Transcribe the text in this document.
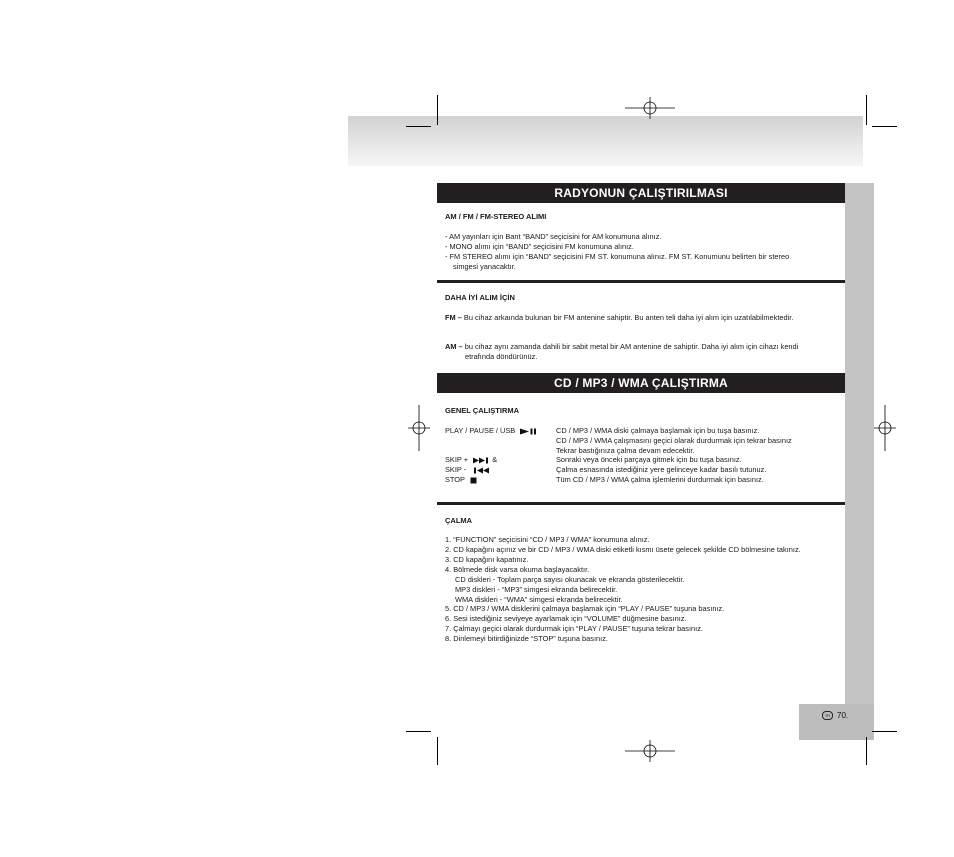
TR 70.
RADYONUN ÇALIŞTIRILMASI
AM / FM / FM-STEREO ALIMI
- AM yayınları için Bant “BAND” seçicisini for AM konumuna alınız.
- MONO alımı için “BAND” seçicisini FM konumuna alınız.
- FM STEREO alımı için “BAND” seçicisini FM ST. konumuna alınız. FM ST. Konumunu belirten bir stereo
simgesi yanacaktır.
DAHA İYİ ALIM İÇİN
FM – Bu cihaz arkaında bulunan bir FM antenine sahiptir. Bu anten teli daha iyi alım için uzatılabilmektedir.
AM – bu cihaz aynı zamanda dahili bir sabit metal bir AM antenine de sahiptir. Daha iyi alım için cihazı kendi
etrafında döndürünüz.
CD / MP3 / WMA ÇALIŞTIRMA
GENEL ÇALIŞTIRMA
PLAY / PAUSE / USB	CD / MP3 / WMA diski çalmaya başlamak için bu tuşa basınız.
CD / MP3 / WMA çalışmasını geçici olarak durdurmak için tekrar basınız
Tekrar bastığınıza çalma devam edecektir.
SKIP +	&	Sonraki veya önceki parçaya gitmek için bu tuşa basınız.
SKIP -	Çalma esnasında istediğiniz yere gelinceye kadar basılı tutunuz.
STOP	Tüm CD / MP3 / WMA çalma işlemlerini durdurmak için basınız.
ÇALMA
1. “FUNCTION” seçicisini “CD / MP3 / WMA” konumuna alınız.
2. CD kapağını açınız ve bir CD / MP3 / WMA diski etiketli kısmı üsete gelecek şekilde CD bölmesine takınız.
3. CD kapağını kapatınız.
4. Bölmede disk varsa okuma başlayacaktır.
CD diskleri - Toplam parça sayısı okunacak ve ekranda gösterilecektir.
MP3 diskleri - “MP3” simgesi ekranda belirecektir.
WMA diskleri - “WMA” simgesi ekranda belirecektir.
5. CD / MP3 / WMA disklerini çalmaya başlamak için “PLAY / PAUSE” tuşuna basınız.
6. Sesi istediğiniz seviyeye ayarlamak için “VOLUME” düğmesine basınız.
7. Çalmayı geçici olarak durdurmak için “PLAY / PAUSE” tuşuna tekrar basınız.
8. Dinlemeyi bitirdiğinizde “STOP” tuşuna basınız.
